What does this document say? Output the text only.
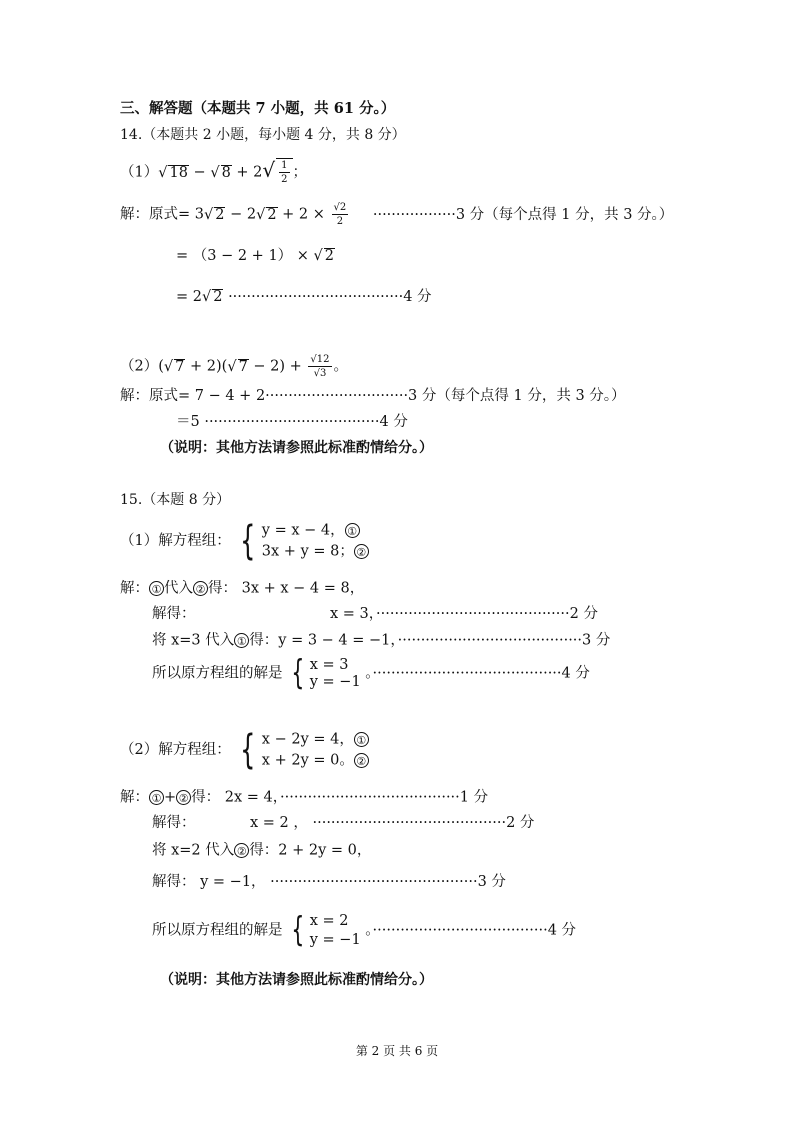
三、解答题（本题共 7 小题，共 61 分。）
14.（本题共 2 小题，每小题 4 分，共 8 分）
（1）√ 18 − √ $8 + 2√ \frac{1}{2}$ ；
解：原式= 3√ 2 − 2√ $2 + 2 \times \frac{√2}{2} \cdot\cdot\cdot\cdot\cdot\cdot\cdot\cdot\cdot\cdot\cdot\cdot\cdot\cdot\cdot\cdot\cdot\cdot 3$ 分（每个点得 1 分，共 3 分。）
= （3 − 2 + 1） × √ 2
= 2√ 2 ······································4 分
（2）(√ 7 + 2)(√ $7 - 2) + \frac{√12}{√3}$ 。
解：原式= 7 − 4 + 2·······························3 分（每个点得 1 分，共 3 分。）
＝5 ······································4 分
（说明：其他方法请参照此标准酌情给分。）
15.（本题 8 分）
（1）解方程组： { y = x − 4， ①
3x + y = 8； ②
解： ① 代入 ② 得： 3x + x − 4 = 8，
解得：	x = 3，··········································2 分
将 x=3 代入 ① 得：y = 3 − 4 = −1，········································3 分
所以原方程组的解是 { x = 3
y = −1
。·········································4 分
（2）解方程组： { x − 2y = 4， ①
x + 2y = 0。 ②
解： ① + ② 得： 2x = 4，·······································1 分
解得：	x = 2 ， ··········································2 分
将 x=2 代入 ② 得：2 + 2y = 0，
解得： y = −1， ·············································3 分
所以原方程组的解是 { x = 2
y = −1
。······································4 分
（说明：其他方法请参照此标准酌情给分。）
第 2 页 共 6 页
